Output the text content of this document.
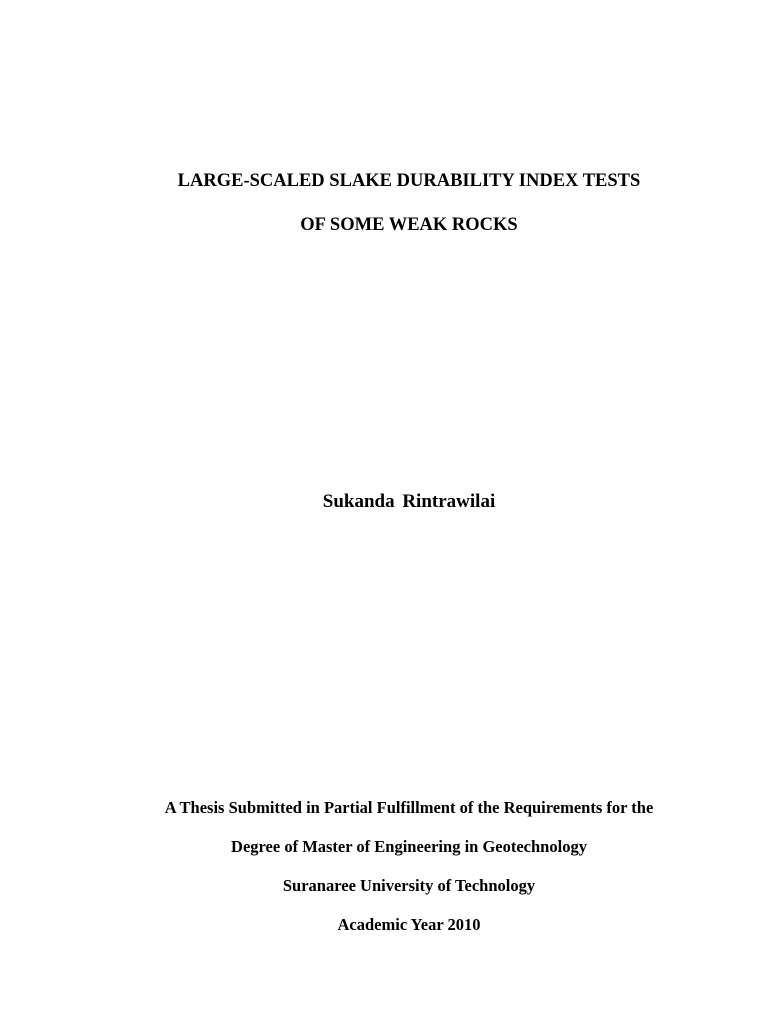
LARGE-SCALED SLAKE DURABILITY INDEX TESTS
OF SOME WEAK ROCKS
Sukanda Rintrawilai
A Thesis Submitted in Partial Fulfillment of the Requirements for the
Degree of Master of Engineering in Geotechnology
Suranaree University of Technology
Academic Year 2010
